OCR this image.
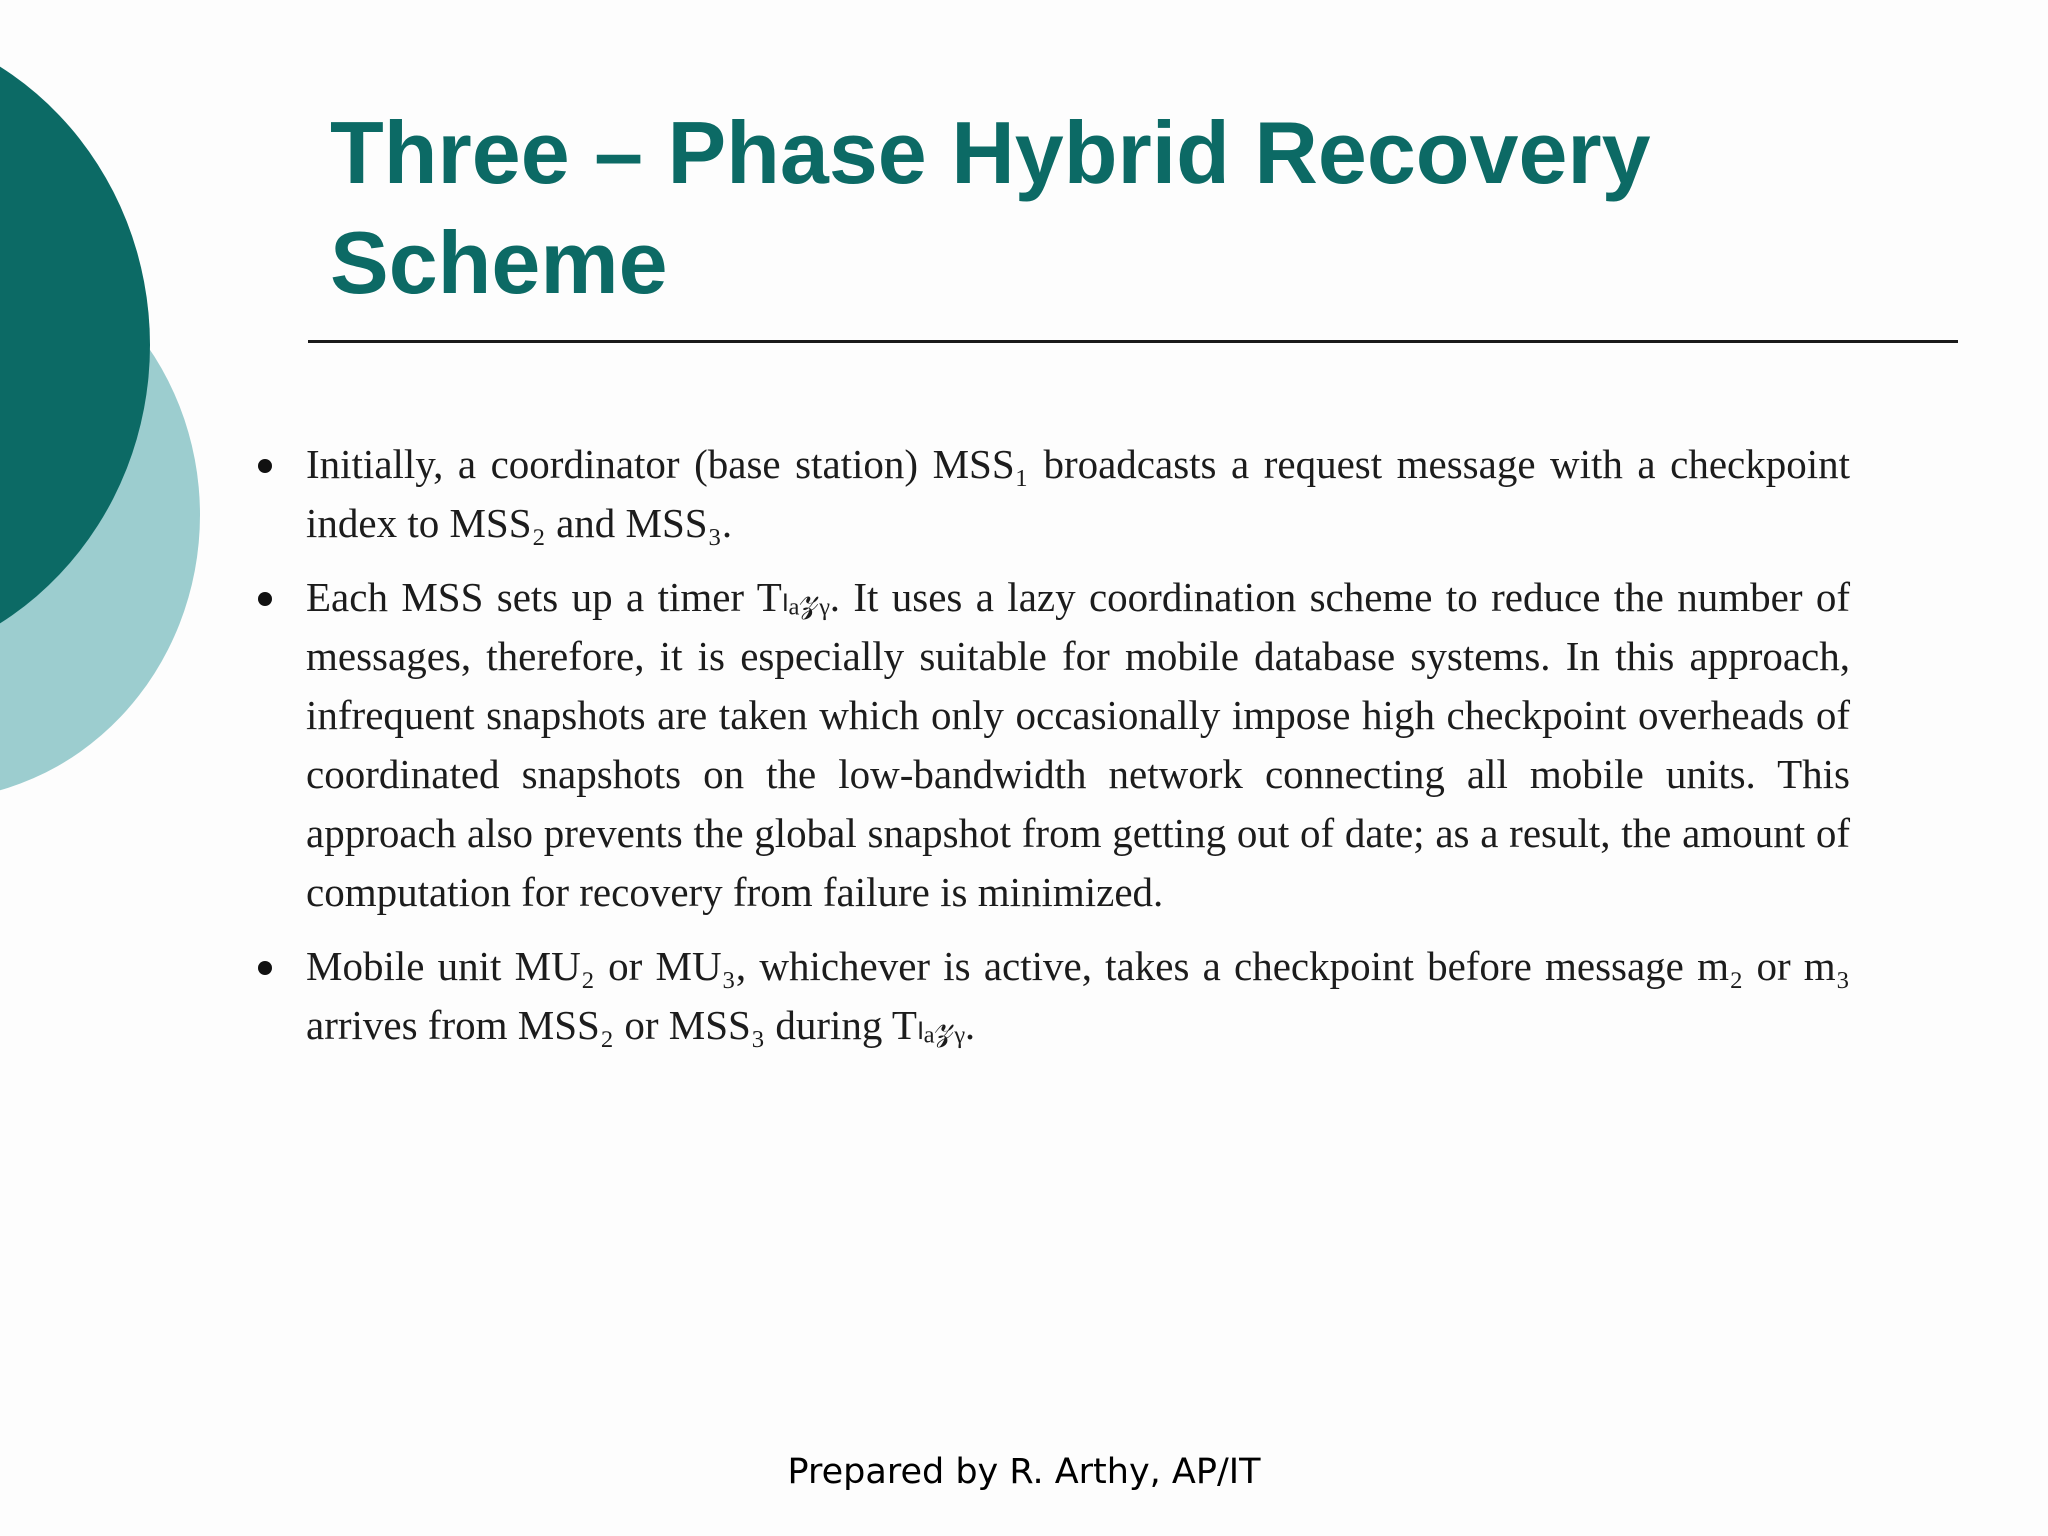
Three – Phase Hybrid Recovery
Scheme
Initially, a coordinator (base station) MSS₁ broadcasts a request message with a checkpoint index to MSS₂ and MSS₃.
Each MSS sets up a timer Tₗₐ𝓏ᵧ. It uses a lazy coordination scheme to reduce the number of messages, therefore, it is especially suitable for mobile database systems. In this approach, infrequent snapshots are taken which only occasionally impose high checkpoint overheads of coordinated snapshots on the low-bandwidth network connecting all mobile units. This approach also prevents the global snapshot from getting out of date; as a result, the amount of computation for recovery from failure is minimized.
Mobile unit MU₂ or MU₃, whichever is active, takes a checkpoint before message m₂ or m₃ arrives from MSS₂ or MSS₃ during Tₗₐ𝓏ᵧ.
Prepared by R. Arthy, AP/IT
